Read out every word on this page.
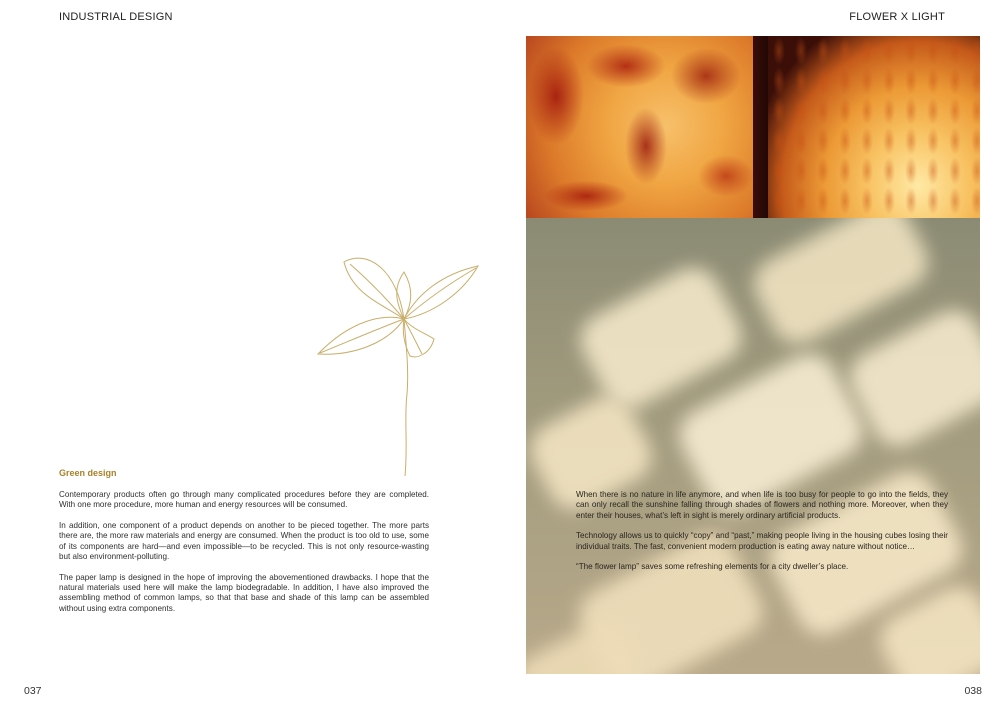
INDUSTRIAL DESIGN	FLOWER X LIGHT
Green design

Contemporary products often go through many complicated procedures before they are completed. With one more procedure, more human and energy resources will be consumed.

In addition, one component of a product depends on another to be pieced together. The more parts there are, the more raw materials and energy are consumed. When the product is too old to use, some of its components are hard—and even impossible—to be recycled. This is not only resource-wasting but also environment-polluting.

The paper lamp is designed in the hope of improving the abovementioned drawbacks. I hope that the natural materials used here will make the lamp biodegradable. In addition, I have also improved the assembling method of common lamps, so that that base and shade of this lamp can be assembled without using extra components.

When there is no nature in life anymore, and when life is too busy for people to go into the fields, they can only recall the sunshine falling through shades of flowers and nothing more. Moreover, when they enter their houses, what’s left in sight is merely ordinary artificial products.

Technology allows us to quickly “copy” and “past,” making people living in the housing cubes losing their individual traits. The fast, convenient modern production is eating away nature without notice…

“The flower lamp” saves some refreshing elements for a city dweller’s place.

037	038
